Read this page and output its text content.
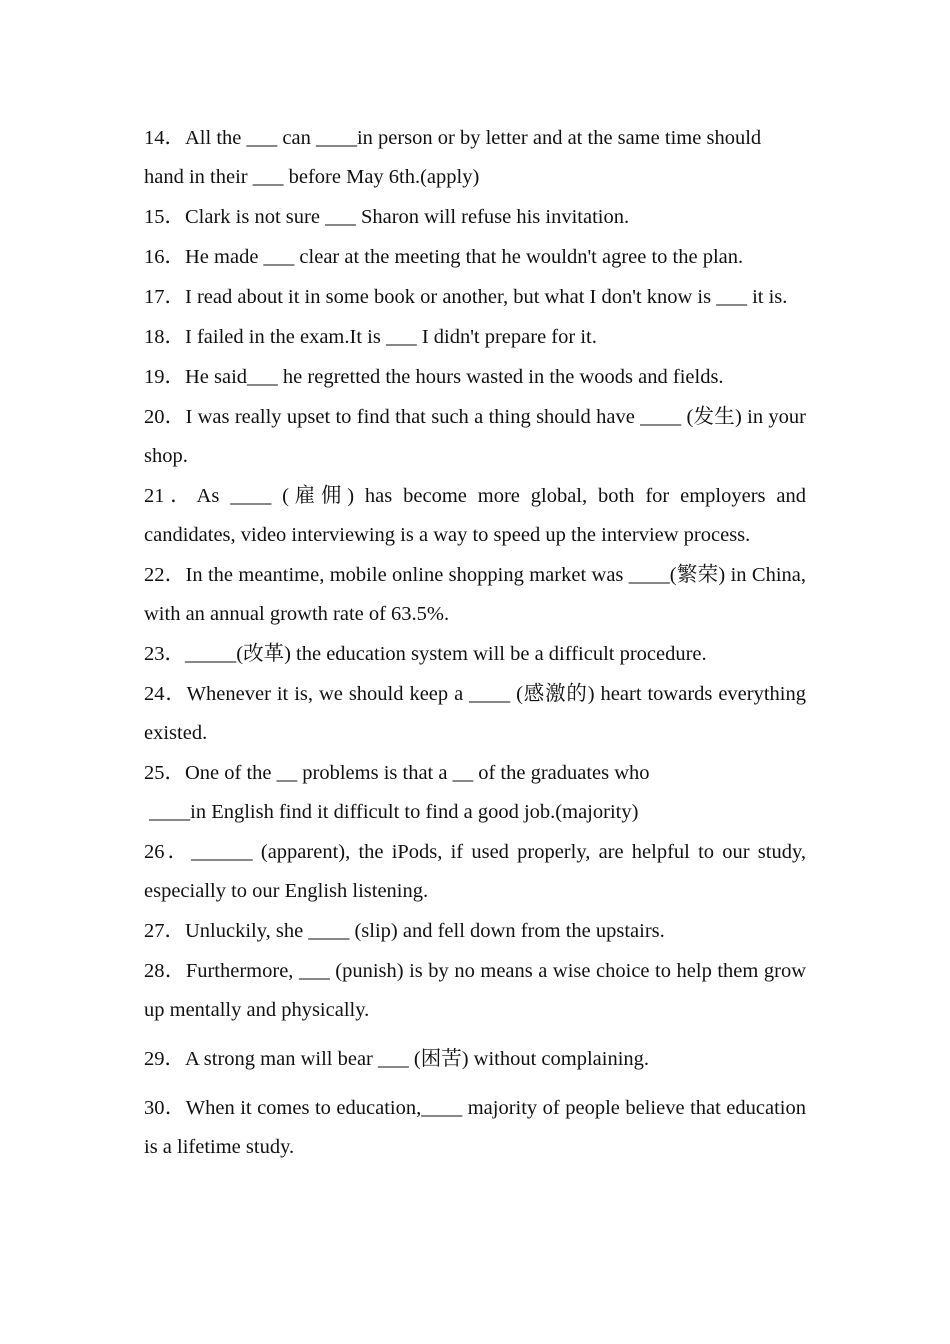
14．All the ___ can ____in person or by letter and at the same time should hand in their ___ before May 6th.(apply)

15．Clark is not sure ___ Sharon will refuse his invitation.

16．He made ___ clear at the meeting that he wouldn't agree to the plan.

17．I read about it in some book or another, but what I don't know is ___ it is.

18．I failed in the exam.It is ___ I didn't prepare for it.

19．He said___ he regretted the hours wasted in the woods and fields.

20．I was really upset to find that such a thing should have ____ (发生) in your shop.

21．As ____ (雇佣) has become more global, both for employers and candidates, video interviewing is a way to speed up the interview process.

22．In the meantime, mobile online shopping market was ____(繁荣) in China, with an annual growth rate of 63.5%.

23．_____(改革) the education system will be a difficult procedure.

24．Whenever it is, we should keep a ____ (感激的) heart towards everything existed.

25．One of the __ problems is that a __ of the graduates who
____in English find it difficult to find a good job.(majority)

26．______ (apparent), the iPods, if used properly, are helpful to our study, especially to our English listening.

27．Unluckily, she ____ (slip) and fell down from the upstairs.

28．Furthermore, ___ (punish) is by no means a wise choice to help them grow up mentally and physically.

29．A strong man will bear ___ (困苦) without complaining.

30．When it comes to education,____ majority of people believe that education is a lifetime study.
